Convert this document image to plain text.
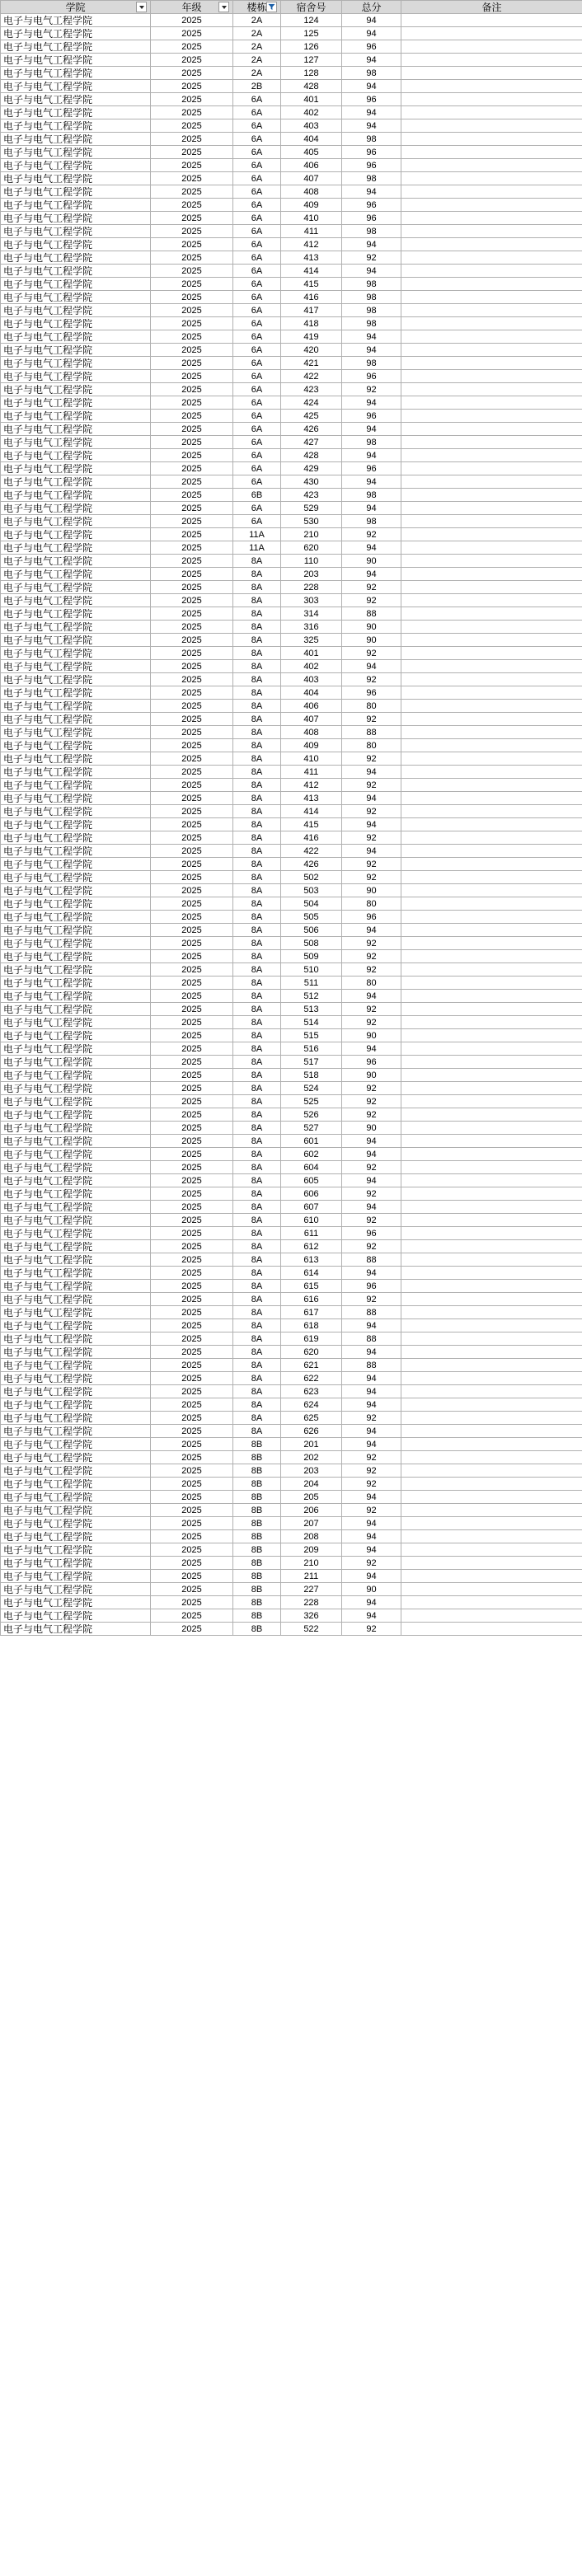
学院	年级	楼栋	宿舍号	总分	备注

电子与电气工程学院	2025	2A	124	94	
电子与电气工程学院	2025	2A	125	94	
电子与电气工程学院	2025	2A	126	96	
电子与电气工程学院	2025	2A	127	94	
电子与电气工程学院	2025	2A	128	98	
电子与电气工程学院	2025	2B	428	94	
电子与电气工程学院	2025	6A	401	96	
电子与电气工程学院	2025	6A	402	94	
电子与电气工程学院	2025	6A	403	94	
电子与电气工程学院	2025	6A	404	98	
电子与电气工程学院	2025	6A	405	96	
电子与电气工程学院	2025	6A	406	96	
电子与电气工程学院	2025	6A	407	98	
电子与电气工程学院	2025	6A	408	94	
电子与电气工程学院	2025	6A	409	96	
电子与电气工程学院	2025	6A	410	96	
电子与电气工程学院	2025	6A	411	98	
电子与电气工程学院	2025	6A	412	94	
电子与电气工程学院	2025	6A	413	92	
电子与电气工程学院	2025	6A	414	94	
电子与电气工程学院	2025	6A	415	98	
电子与电气工程学院	2025	6A	416	98	
电子与电气工程学院	2025	6A	417	98	
电子与电气工程学院	2025	6A	418	98	
电子与电气工程学院	2025	6A	419	94	
电子与电气工程学院	2025	6A	420	94	
电子与电气工程学院	2025	6A	421	98	
电子与电气工程学院	2025	6A	422	96	
电子与电气工程学院	2025	6A	423	92	
电子与电气工程学院	2025	6A	424	94	
电子与电气工程学院	2025	6A	425	96	
电子与电气工程学院	2025	6A	426	94	
电子与电气工程学院	2025	6A	427	98	
电子与电气工程学院	2025	6A	428	94	
电子与电气工程学院	2025	6A	429	96	
电子与电气工程学院	2025	6A	430	94	
电子与电气工程学院	2025	6B	423	98	
电子与电气工程学院	2025	6A	529	94	
电子与电气工程学院	2025	6A	530	98	
电子与电气工程学院	2025	11A	210	92	
电子与电气工程学院	2025	11A	620	94	
电子与电气工程学院	2025	8A	110	90	
电子与电气工程学院	2025	8A	203	94	
电子与电气工程学院	2025	8A	228	92	
电子与电气工程学院	2025	8A	303	92	
电子与电气工程学院	2025	8A	314	88	
电子与电气工程学院	2025	8A	316	90	
电子与电气工程学院	2025	8A	325	90	
电子与电气工程学院	2025	8A	401	92	
电子与电气工程学院	2025	8A	402	94	
电子与电气工程学院	2025	8A	403	92	
电子与电气工程学院	2025	8A	404	96	
电子与电气工程学院	2025	8A	406	80	
电子与电气工程学院	2025	8A	407	92	
电子与电气工程学院	2025	8A	408	88	
电子与电气工程学院	2025	8A	409	80	
电子与电气工程学院	2025	8A	410	92	
电子与电气工程学院	2025	8A	411	94	
电子与电气工程学院	2025	8A	412	92	
电子与电气工程学院	2025	8A	413	94	
电子与电气工程学院	2025	8A	414	92	
电子与电气工程学院	2025	8A	415	94	
电子与电气工程学院	2025	8A	416	92	
电子与电气工程学院	2025	8A	422	94	
电子与电气工程学院	2025	8A	426	92	
电子与电气工程学院	2025	8A	502	92	
电子与电气工程学院	2025	8A	503	90	
电子与电气工程学院	2025	8A	504	80	
电子与电气工程学院	2025	8A	505	96	
电子与电气工程学院	2025	8A	506	94	
电子与电气工程学院	2025	8A	508	92	
电子与电气工程学院	2025	8A	509	92	
电子与电气工程学院	2025	8A	510	92	
电子与电气工程学院	2025	8A	511	80	
电子与电气工程学院	2025	8A	512	94	
电子与电气工程学院	2025	8A	513	92	
电子与电气工程学院	2025	8A	514	92	
电子与电气工程学院	2025	8A	515	90	
电子与电气工程学院	2025	8A	516	94	
电子与电气工程学院	2025	8A	517	96	
电子与电气工程学院	2025	8A	518	90	
电子与电气工程学院	2025	8A	524	92	
电子与电气工程学院	2025	8A	525	92	
电子与电气工程学院	2025	8A	526	92	
电子与电气工程学院	2025	8A	527	90	
电子与电气工程学院	2025	8A	601	94	
电子与电气工程学院	2025	8A	602	94	
电子与电气工程学院	2025	8A	604	92	
电子与电气工程学院	2025	8A	605	94	
电子与电气工程学院	2025	8A	606	92	
电子与电气工程学院	2025	8A	607	94	
电子与电气工程学院	2025	8A	610	92	
电子与电气工程学院	2025	8A	611	96	
电子与电气工程学院	2025	8A	612	92	
电子与电气工程学院	2025	8A	613	88	
电子与电气工程学院	2025	8A	614	94	
电子与电气工程学院	2025	8A	615	96	
电子与电气工程学院	2025	8A	616	92	
电子与电气工程学院	2025	8A	617	88	
电子与电气工程学院	2025	8A	618	94	
电子与电气工程学院	2025	8A	619	88	
电子与电气工程学院	2025	8A	620	94	
电子与电气工程学院	2025	8A	621	88	
电子与电气工程学院	2025	8A	622	94	
电子与电气工程学院	2025	8A	623	94	
电子与电气工程学院	2025	8A	624	94	
电子与电气工程学院	2025	8A	625	92	
电子与电气工程学院	2025	8A	626	94	
电子与电气工程学院	2025	8B	201	94	
电子与电气工程学院	2025	8B	202	92	
电子与电气工程学院	2025	8B	203	92	
电子与电气工程学院	2025	8B	204	92	
电子与电气工程学院	2025	8B	205	94	
电子与电气工程学院	2025	8B	206	92	
电子与电气工程学院	2025	8B	207	94	
电子与电气工程学院	2025	8B	208	94	
电子与电气工程学院	2025	8B	209	94	
电子与电气工程学院	2025	8B	210	92	
电子与电气工程学院	2025	8B	211	94	
电子与电气工程学院	2025	8B	227	90	
电子与电气工程学院	2025	8B	228	94	
电子与电气工程学院	2025	8B	326	94	
电子与电气工程学院	2025	8B	522	92	
